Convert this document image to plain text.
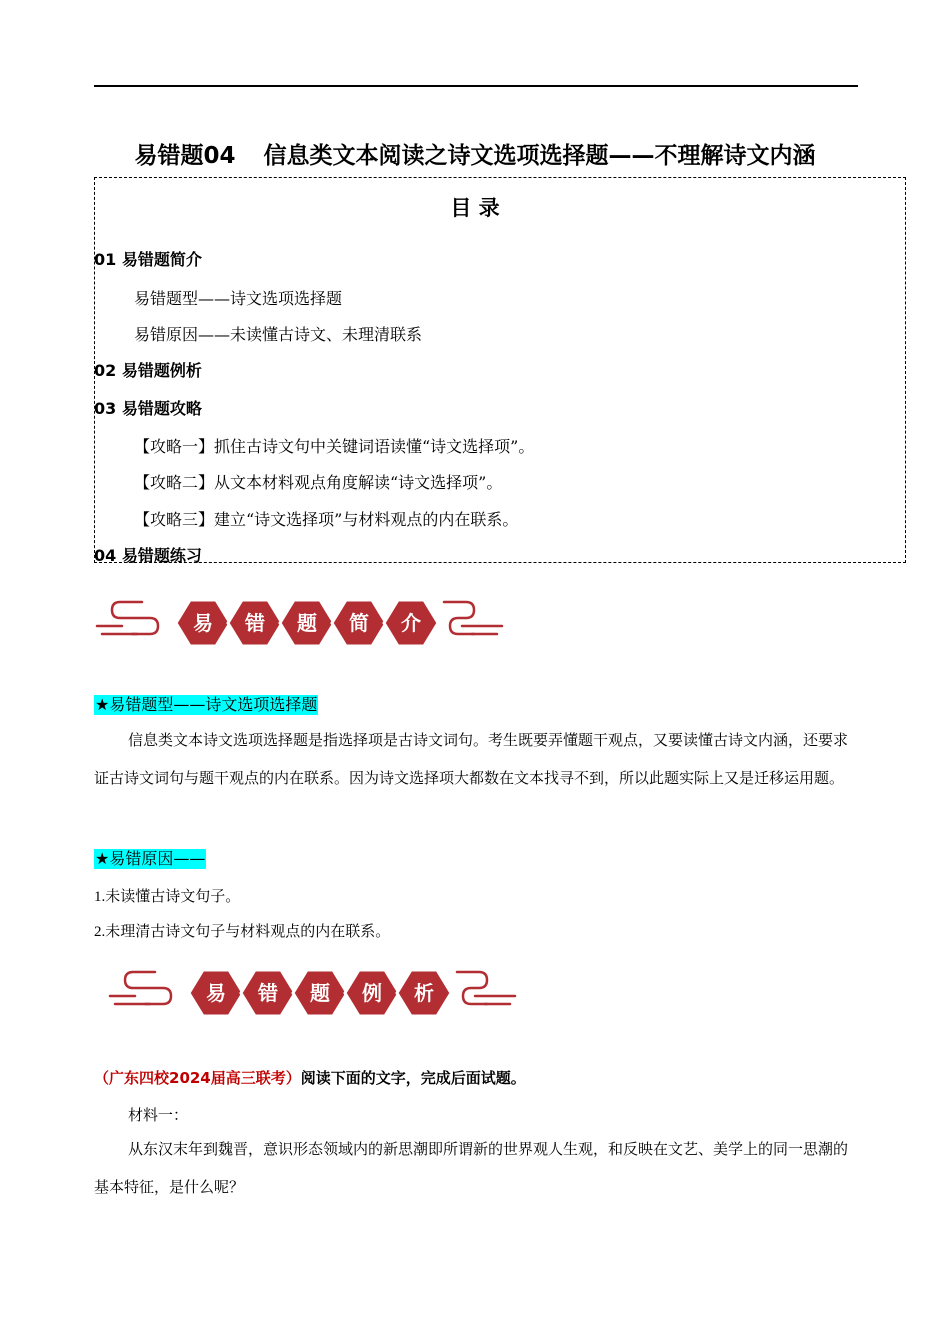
易错题04 信息类文本阅读之诗文选项选择题——不理解诗文内涵
目 录
01 易错题简介
易错题型——诗文选项选择题
易错原因——未读懂古诗文、未理清联系
02 易错题例析
03 易错题攻略
【攻略一】抓住古诗文句中关键词语读懂“诗文选择项”。
【攻略二】从文本材料观点角度解读“诗文选择项”。
【攻略三】建立“诗文选择项”与材料观点的内在联系。
04 易错题练习
易 错 题 简 介
★易错题型——诗文选项选择题

信息类文本诗文选项选择题是指选择项是古诗文词句。考生既要弄懂题干观点，又要读懂古诗文内涵，还要求证古诗文词句与题干观点的内在联系。因为诗文选择项大都数在文本找寻不到，所以此题实际上又是迁移运用题。

★易错原因——
1.未读懂古诗文句子。
2.未理清古诗文句子与材料观点的内在联系。
易 错 题 例 析
（广东四校2024届高三联考）阅读下面的文字，完成后面试题。
材料一：

从东汉末年到魏晋，意识形态领域内的新思潮即所谓新的世界观人生观，和反映在文艺、美学上的同一思潮的基本特征，是什么呢？
